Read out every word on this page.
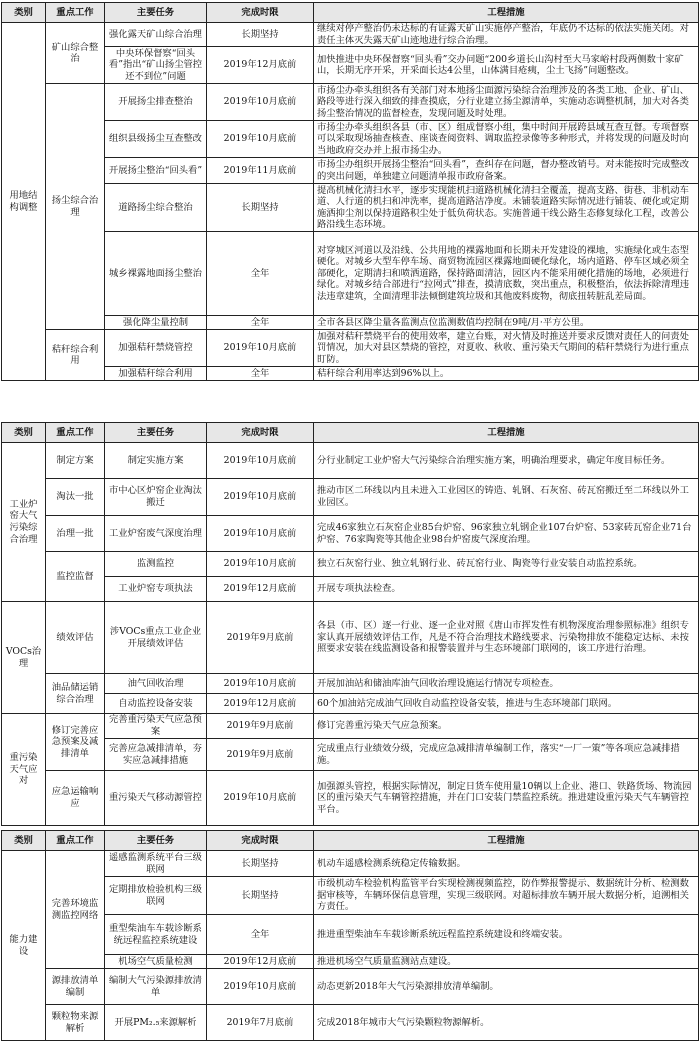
类别	重点工作	主要任务	完成时限	工程措施
用地结构调整	矿山综合整治	强化露天矿山综合治理	长期坚持	继续对停产整治仍未达标的有证露天矿山实施停产整治，年底仍不达标的依法实施关闭。对责任主体灭失露天矿山迹地进行综合治理。
		中央环保督察“回头看”指出“矿山扬尘管控还不到位”问题	2019年12月底前	加快推进中央环保督察“回头看”交办问题“200乡道长山沟村至大马家峪村段两侧数十家矿山，长期无序开采，开采面长达4公里，山体满目疮痍，尘土飞扬”问题整改。
	扬尘综合治理	开展扬尘排查整治	2019年10月底前	市扬尘办牵头组织各有关部门对本地扬尘面源污染综合治理涉及的各类工地、企业、矿山、路段等进行深入细致的排查摸底，分行业建立扬尘源清单，实施动态调整机制，加大对各类扬尘整治情况的监督检查，发现问题及时处理。
		组织县级扬尘互查整改	2019年10月底前	市扬尘办牵头组织各县（市、区）组成督察小组，集中时间开展跨县域互查互督。专项督察可以采取现场抽查核查、座谈查阅资料、调取监控录像等多种形式，并将发现的问题及时向当地政府交办并上报市扬尘办。
		开展扬尘整治“回头看”	2019年11月底前	市扬尘办组织开展扬尘整治“回头看”，查纠存在问题，督办整改销号。对未能按时完成整改的突出问题，单独建立问题清单报市政府备案。
		道路扬尘综合整治	长期坚持	提高机械化清扫水平，逐步实现能机扫道路机械化清扫全覆盖，提高支路、街巷、非机动车道、人行道的机扫和冲洗率，提高道路洁净度。未铺装道路实际情况进行铺装、硬化或定期施洒抑尘剂以保持道路积尘处于低负荷状态。实施普通干线公路生态修复绿化工程，改善公路沿线生态环境。
		城乡裸露地面扬尘整治	全年	对穿城区河道以及沿线、公共用地的裸露地面和长期未开发建设的裸地，实施绿化或生态型硬化。对城乡大型车停车场、商贸物流园区裸露地面硬化绿化，场内道路、停车区域必须全部硬化，定期清扫和喷洒道路，保持路面清洁，园区内不能采用硬化措施的场地，必须进行绿化。对城乡结合部进行“拉网式”排查，摸清底数，突出重点，积极整治，依法拆除清理违法违章建筑，全面清理非法倾倒建筑垃圾和其他废料废物，彻底扭转脏乱差局面。
		强化降尘量控制	全年	全市各县区降尘量各监测点位监测数值均控制在9吨/月·平方公里。
	秸秆综合利用	加强秸秆禁烧管控	2019年10月底前	加强对秸秆禁烧平台的使用效率，建立台账，对火情及时推送并要求反馈对责任人的问责处罚情况，加大对县区禁烧的管控，对夏收、秋收、重污染天气期间的秸秆禁烧行为进行重点盯防。
		加强秸秆综合利用	全年	秸秆综合利用率达到96%以上。
类别	重点工作	主要任务	完成时限	工程措施
工业炉窑大气污染综合治理	制定方案	制定实施方案	2019年10月底前	分行业制定工业炉窑大气污染综合治理实施方案，明确治理要求，确定年度目标任务。
	淘汰一批	市中心区炉窑企业淘汰搬迁	2019年10月底前	推动市区二环线以内且未进入工业园区的铸造、轧钢、石灰窑、砖瓦窑搬迁至二环线以外工业园区。
	治理一批	工业炉窑废气深度治理	2019年10月底前	完成46家独立石灰窑企业85台炉窑、96家独立轧钢企业107台炉窑、53家砖瓦窑企业71台炉窑、76家陶瓷等其他企业98台炉窑废气深度治理。
	监控监督	监测监控	2019年10月底前	独立石灰窑行业、独立轧钢行业、砖瓦窑行业、陶瓷等行业安装自动监控系统。
		工业炉窑专项执法	2019年12月底前	开展专项执法检查。
VOCs治理	绩效评估	涉VOCs重点工业企业开展绩效评估	2019年9月底前	各县（市、区）逐一行业、逐一企业对照《唐山市挥发性有机物深度治理参照标准》组织专家认真开展绩效评估工作，凡是不符合治理技术路线要求、污染物排放不能稳定达标、未按照要求安装在线监测设备和报警装置并与生态环境部门联网的，该工序进行治理。
	油品储运销综合治理	油气回收治理	2019年10月底前	开展加油站和储油库油气回收治理设施运行情况专项检查。
		自动监控设备安装	2019年12月底前	60个加油站完成油气回收自动监控设备安装，推进与生态环境部门联网。
重污染天气应对	修订完善应急预案及减排清单	完善重污染天气应急预案	2019年9月底前	修订完善重污染天气应急预案。
		完善应急减排清单，夯实应急减排措施	2019年9月底前	完成重点行业绩效分级，完成应急减排清单编制工作，落实“一厂一策”等各项应急减排措施。
	应急运输响应	重污染天气移动源管控	2019年10月底前	加强源头管控，根据实际情况，制定日货车使用量10辆以上企业、港口、铁路货场、物流园区的重污染天气车辆管控措施，并在门口安装门禁监控系统。推进建设重污染天气车辆管控平台。
类别	重点工作	主要任务	完成时限	工程措施
能力建设	完善环境监测监控网络	遥感监测系统平台三级联网	长期坚持	机动车遥感检测系统稳定传输数据。
		定期排放检验机构三级联网	长期坚持	市级机动车检验机构监管平台实现检测视频监控，防作弊报警提示、数据统计分析、检测数据审核等，车辆环保信息管理，实现三级联网。对超标排放车辆开展大数据分析，追溯相关方责任。
		重型柴油车车载诊断系统远程监控系统建设	全年	推进重型柴油车车载诊断系统远程监控系统建设和终端安装。
		机场空气质量检测	2019年12月底前	推进机场空气质量监测站点建设。
	源排放清单编制	编制大气污染源排放清单	2019年10月底前	动态更新2018年大气污染源排放清单编制。
	颗粒物来源解析	开展PM₂.₅来源解析	2019年7月底前	完成2018年城市大气污染颗粒物源解析。
